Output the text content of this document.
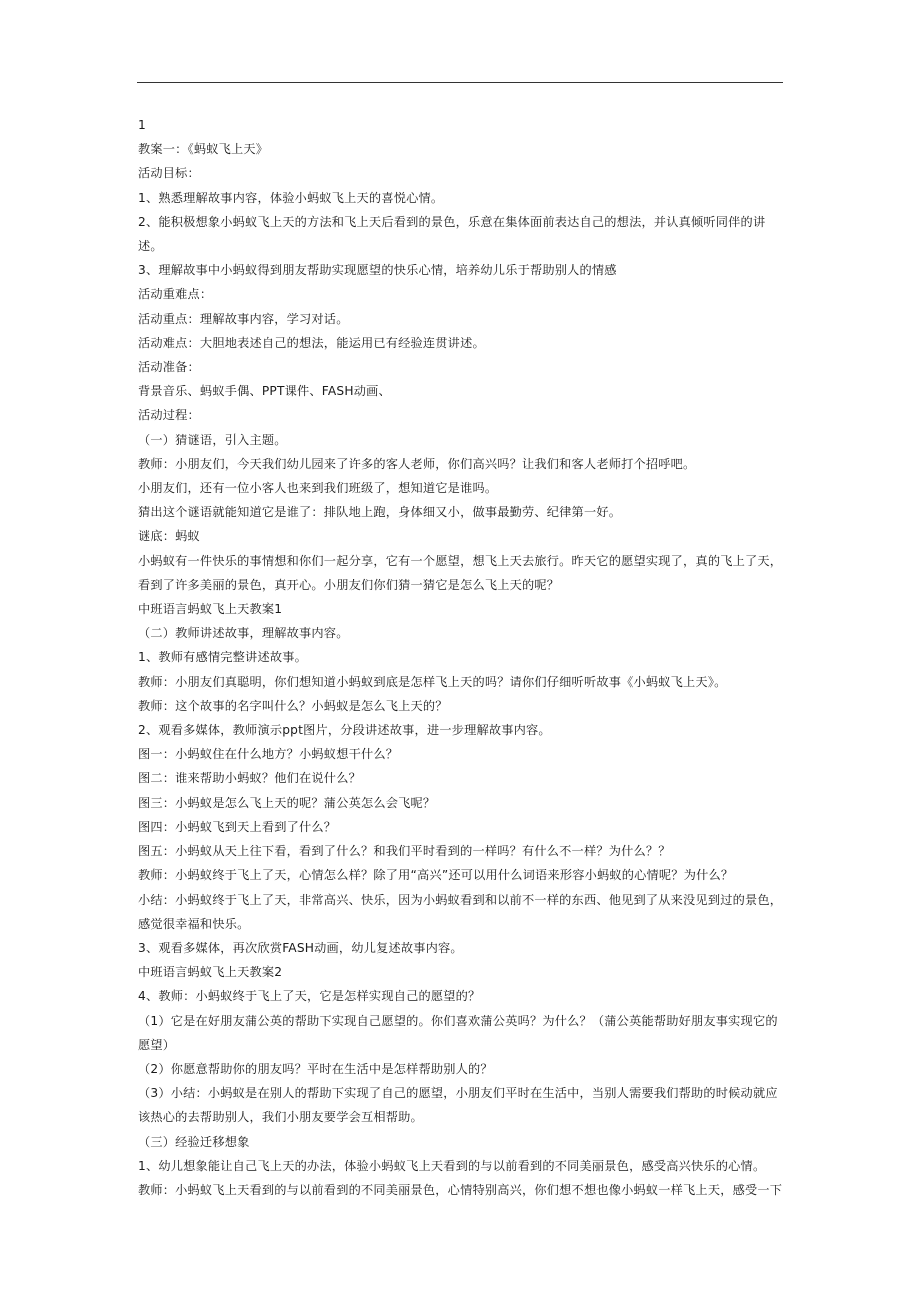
1

教案一：《蚂蚁飞上天》

活动目标：

1、熟悉理解故事内容，体验小蚂蚁飞上天的喜悦心情。

2、能积极想象小蚂蚁飞上天的方法和飞上天后看到的景色，乐意在集体面前表达自己的想法，并认真倾听同伴的讲述。

3、理解故事中小蚂蚁得到朋友帮助实现愿望的快乐心情，培养幼儿乐于帮助别人的情感

活动重难点：

活动重点：理解故事内容，学习对话。

活动难点：大胆地表述自己的想法，能运用已有经验连贯讲述。

活动准备：

背景音乐、蚂蚁手偶、PPT课件、FASH动画、

活动过程：

（一）猜谜语，引入主题。

教师：小朋友们，今天我们幼儿园来了许多的客人老师，你们高兴吗？让我们和客人老师打个招呼吧。

小朋友们，还有一位小客人也来到我们班级了，想知道它是谁吗。

猜出这个谜语就能知道它是谁了：排队地上跑，身体细又小，做事最勤劳、纪律第一好。

谜底：蚂蚁

小蚂蚁有一件快乐的事情想和你们一起分享，它有一个愿望，想飞上天去旅行。昨天它的愿望实现了，真的飞上了天，看到了许多美丽的景色，真开心。小朋友们你们猜一猜它是怎么飞上天的呢？

中班语言蚂蚁飞上天教案1

（二）教师讲述故事，理解故事内容。

1、教师有感情完整讲述故事。

教师：小朋友们真聪明，你们想知道小蚂蚁到底是怎样飞上天的吗？请你们仔细听听故事《小蚂蚁飞上天》。

教师：这个故事的名字叫什么？小蚂蚁是怎么飞上天的？

2、观看多媒体，教师演示ppt图片，分段讲述故事，进一步理解故事内容。

图一：小蚂蚁住在什么地方？小蚂蚁想干什么？

图二：谁来帮助小蚂蚁？他们在说什么？

图三：小蚂蚁是怎么飞上天的呢？蒲公英怎么会飞呢？

图四：小蚂蚁飞到天上看到了什么？

图五：小蚂蚁从天上往下看，看到了什么？和我们平时看到的一样吗？有什么不一样？为什么？？

教师：小蚂蚁终于飞上了天，心情怎么样？除了用“高兴”还可以用什么词语来形容小蚂蚁的心情呢？为什么？

小结：小蚂蚁终于飞上了天，非常高兴、快乐，因为小蚂蚁看到和以前不一样的东西、他见到了从来没见到过的景色，感觉很幸福和快乐。

3、观看多媒体，再次欣赏FASH动画，幼儿复述故事内容。

中班语言蚂蚁飞上天教案2

4、教师：小蚂蚁终于飞上了天，它是怎样实现自己的愿望的？

（1）它是在好朋友蒲公英的帮助下实现自己愿望的。你们喜欢蒲公英吗？为什么？（蒲公英能帮助好朋友事实现它的愿望）

（2）你愿意帮助你的朋友吗？平时在生活中是怎样帮助别人的？

（3）小结：小蚂蚁是在别人的帮助下实现了自己的愿望，小朋友们平时在生活中，当别人需要我们帮助的时候动就应该热心的去帮助别人，我们小朋友要学会互相帮助。

（三）经验迁移想象

1、幼儿想象能让自己飞上天的办法，体验小蚂蚁飞上天看到的与以前看到的不同美丽景色，感受高兴快乐的心情。

教师：小蚂蚁飞上天看到的与以前看到的不同美丽景色，心情特别高兴，你们想不想也像小蚂蚁一样飞上天，感受一下
